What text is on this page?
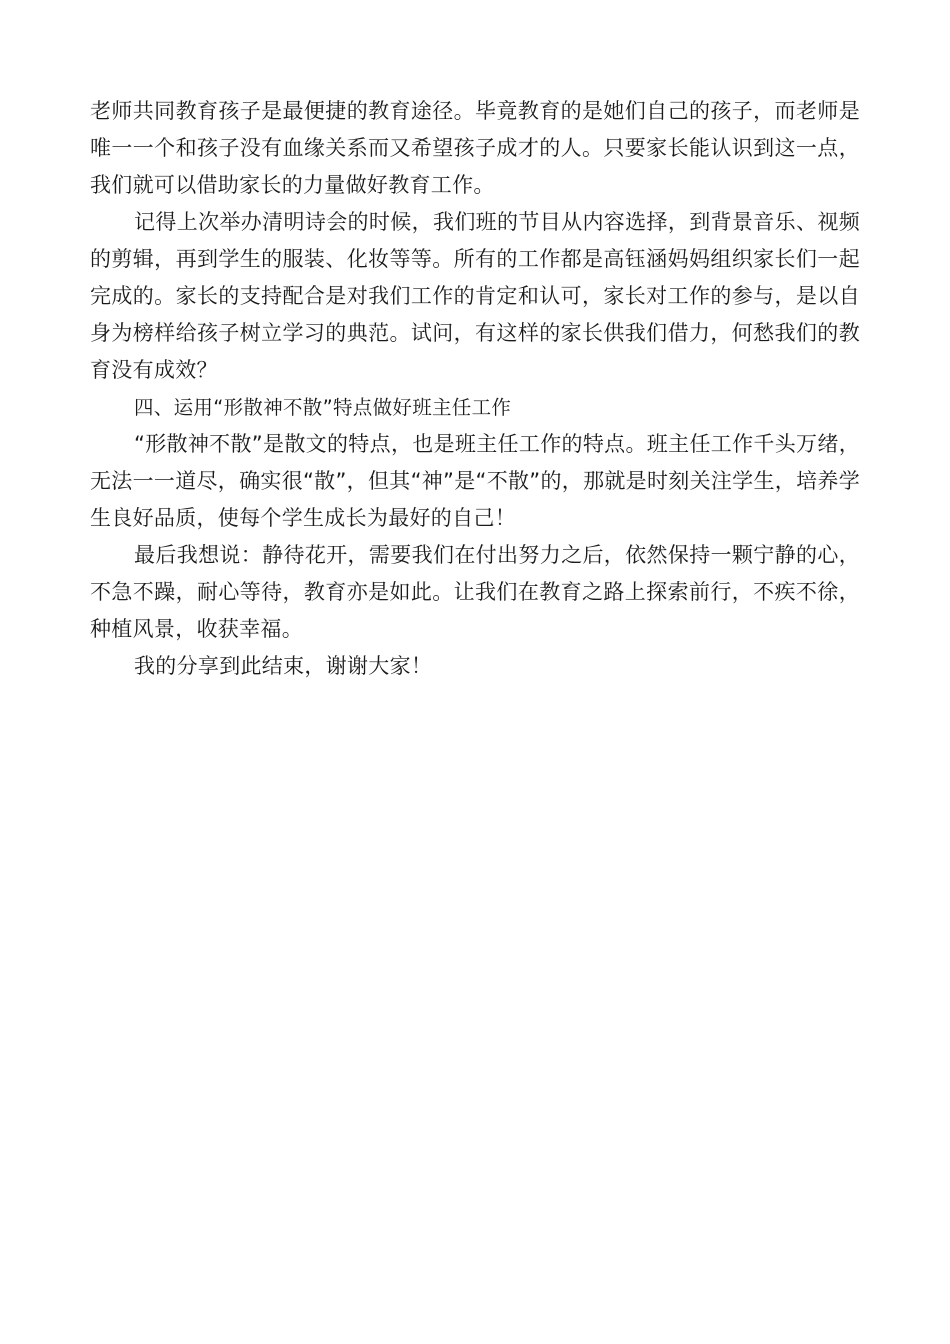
老师共同教育孩子是最便捷的教育途径。毕竟教育的是她们自己的孩子，而老师是唯一一个和孩子没有血缘关系而又希望孩子成才的人。只要家长能认识到这一点，我们就可以借助家长的力量做好教育工作。

记得上次举办清明诗会的时候，我们班的节目从内容选择，到背景音乐、视频的剪辑，再到学生的服装、化妆等等。所有的工作都是高钰涵妈妈组织家长们一起完成的。家长的支持配合是对我们工作的肯定和认可，家长对工作的参与，是以自身为榜样给孩子树立学习的典范。试问，有这样的家长供我们借力，何愁我们的教育没有成效？

四、运用“形散神不散”特点做好班主任工作

“形散神不散”是散文的特点，也是班主任工作的特点。班主任工作千头万绪，无法一一道尽，确实很“散”，但其“神”是“不散”的，那就是时刻关注学生，培养学生良好品质，使每个学生成长为最好的自己！

最后我想说：静待花开，需要我们在付出努力之后，依然保持一颗宁静的心，不急不躁，耐心等待，教育亦是如此。让我们在教育之路上探索前行，不疾不徐，种植风景，收获幸福。

我的分享到此结束，谢谢大家！
